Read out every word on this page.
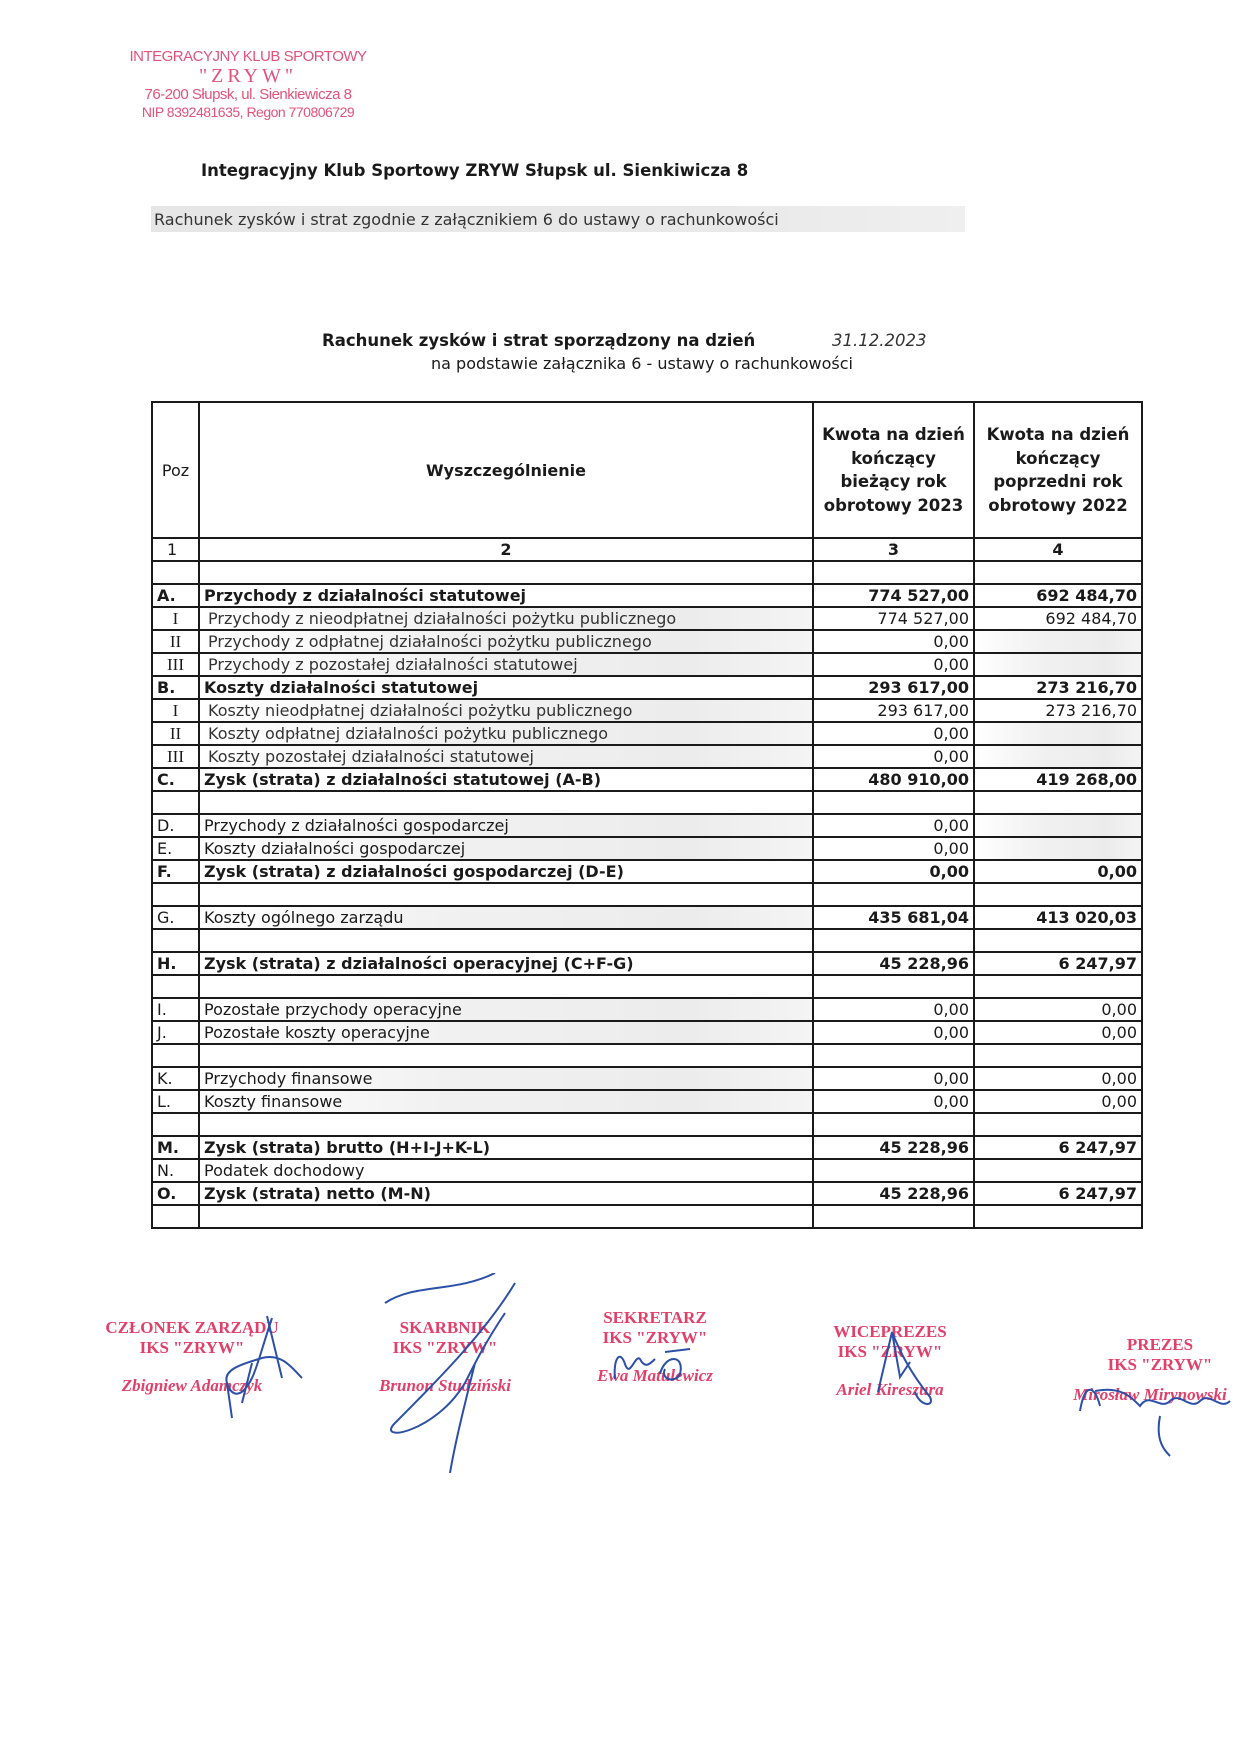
INTEGRACYJNY KLUB SPORTOWY
"ZRYW"
76-200 Słupsk, ul. Sienkiewicza 8
NIP 8392481635, Regon 770806729
Integracyjny Klub Sportowy ZRYW Słupsk ul. Sienkiwicza 8
Rachunek zysków i strat zgodnie z załącznikiem 6 do ustawy o rachunkowości
Rachunek zysków i strat sporządzony na dzień	31.12.2023
na podstawie załącznika 6 - ustawy o rachunkowości
Poz	Wyszczególnienie	Kwota na dzień kończący bieżący rok obrotowy 2023	Kwota na dzień kończący poprzedni rok obrotowy 2022
1	2	3	4

A.	Przychody z działalności statutowej	774 527,00	692 484,70
I	Przychody z nieodpłatnej działalności pożytku publicznego	774 527,00	692 484,70
II	Przychody z odpłatnej działalności pożytku publicznego	0,00	
III	Przychody z pozostałej działalności statutowej	0,00	
B.	Koszty działalności statutowej	293 617,00	273 216,70
I	Koszty nieodpłatnej działalności pożytku publicznego	293 617,00	273 216,70
II	Koszty odpłatnej działalności pożytku publicznego	0,00	
III	Koszty pozostałej działalności statutowej	0,00	
C.	Zysk (strata) z działalności statutowej (A-B)	480 910,00	419 268,00

D.	Przychody z działalności gospodarczej	0,00	
E.	Koszty działalności gospodarczej	0,00	
F.	Zysk (strata) z działalności gospodarczej (D-E)	0,00	0,00

G.	Koszty ogólnego zarządu	435 681,04	413 020,03

H.	Zysk (strata) z działalności operacyjnej (C+F-G)	45 228,96	6 247,97

I.	Pozostałe przychody operacyjne	0,00	0,00
J.	Pozostałe koszty operacyjne	0,00	0,00

K.	Przychody finansowe	0,00	0,00
L.	Koszty finansowe	0,00	0,00

M.	Zysk (strata) brutto (H+I-J+K-L)	45 228,96	6 247,97
N.	Podatek dochodowy		
O.	Zysk (strata) netto (M-N)	45 228,96	6 247,97

CZŁONEK ZARZĄDU
IKS "ZRYW"
Zbigniew Adamczyk
SKARBNIK
IKS "ZRYW"
Brunon Studziński
SEKRETARZ
IKS "ZRYW"
Ewa Matulewicz
WICEPREZES
IKS "ZRYW"
Ariel Kireszura
PREZES
IKS "ZRYW"
Mirosław Mirynowski
